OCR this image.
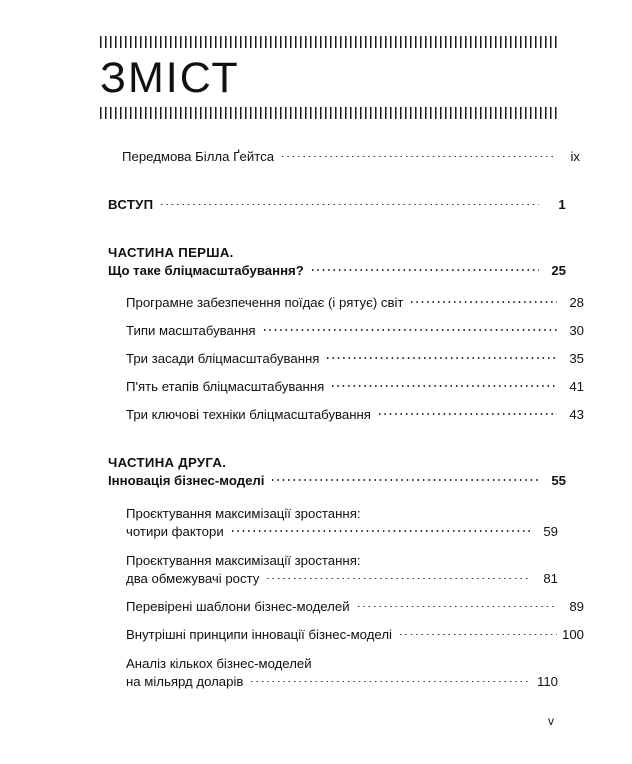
ЗМІСТ
Передмова Білла Ґейтса	ix
ВСТУП	1
ЧАСТИНА ПЕРША.
Що таке бліцмасштабування?	25
Програмне забезпечення поїдає (і рятує) світ	28
Типи масштабування	30
Три засади бліцмасштабування	35
П'ять етапів бліцмасштабування	41
Три ключові техніки бліцмасштабування	43
ЧАСТИНА ДРУГА.
Інновація бізнес-моделі	55
Проєктування максимізації зростання:
чотири фактори	59
Проєктування максимізації зростання:
два обмежувачі росту	81
Перевірені шаблони бізнес-моделей	89
Внутрішні принципи інновації бізнес-моделі	100
Аналіз кількох бізнес-моделей
на мільярд доларів	110
v
